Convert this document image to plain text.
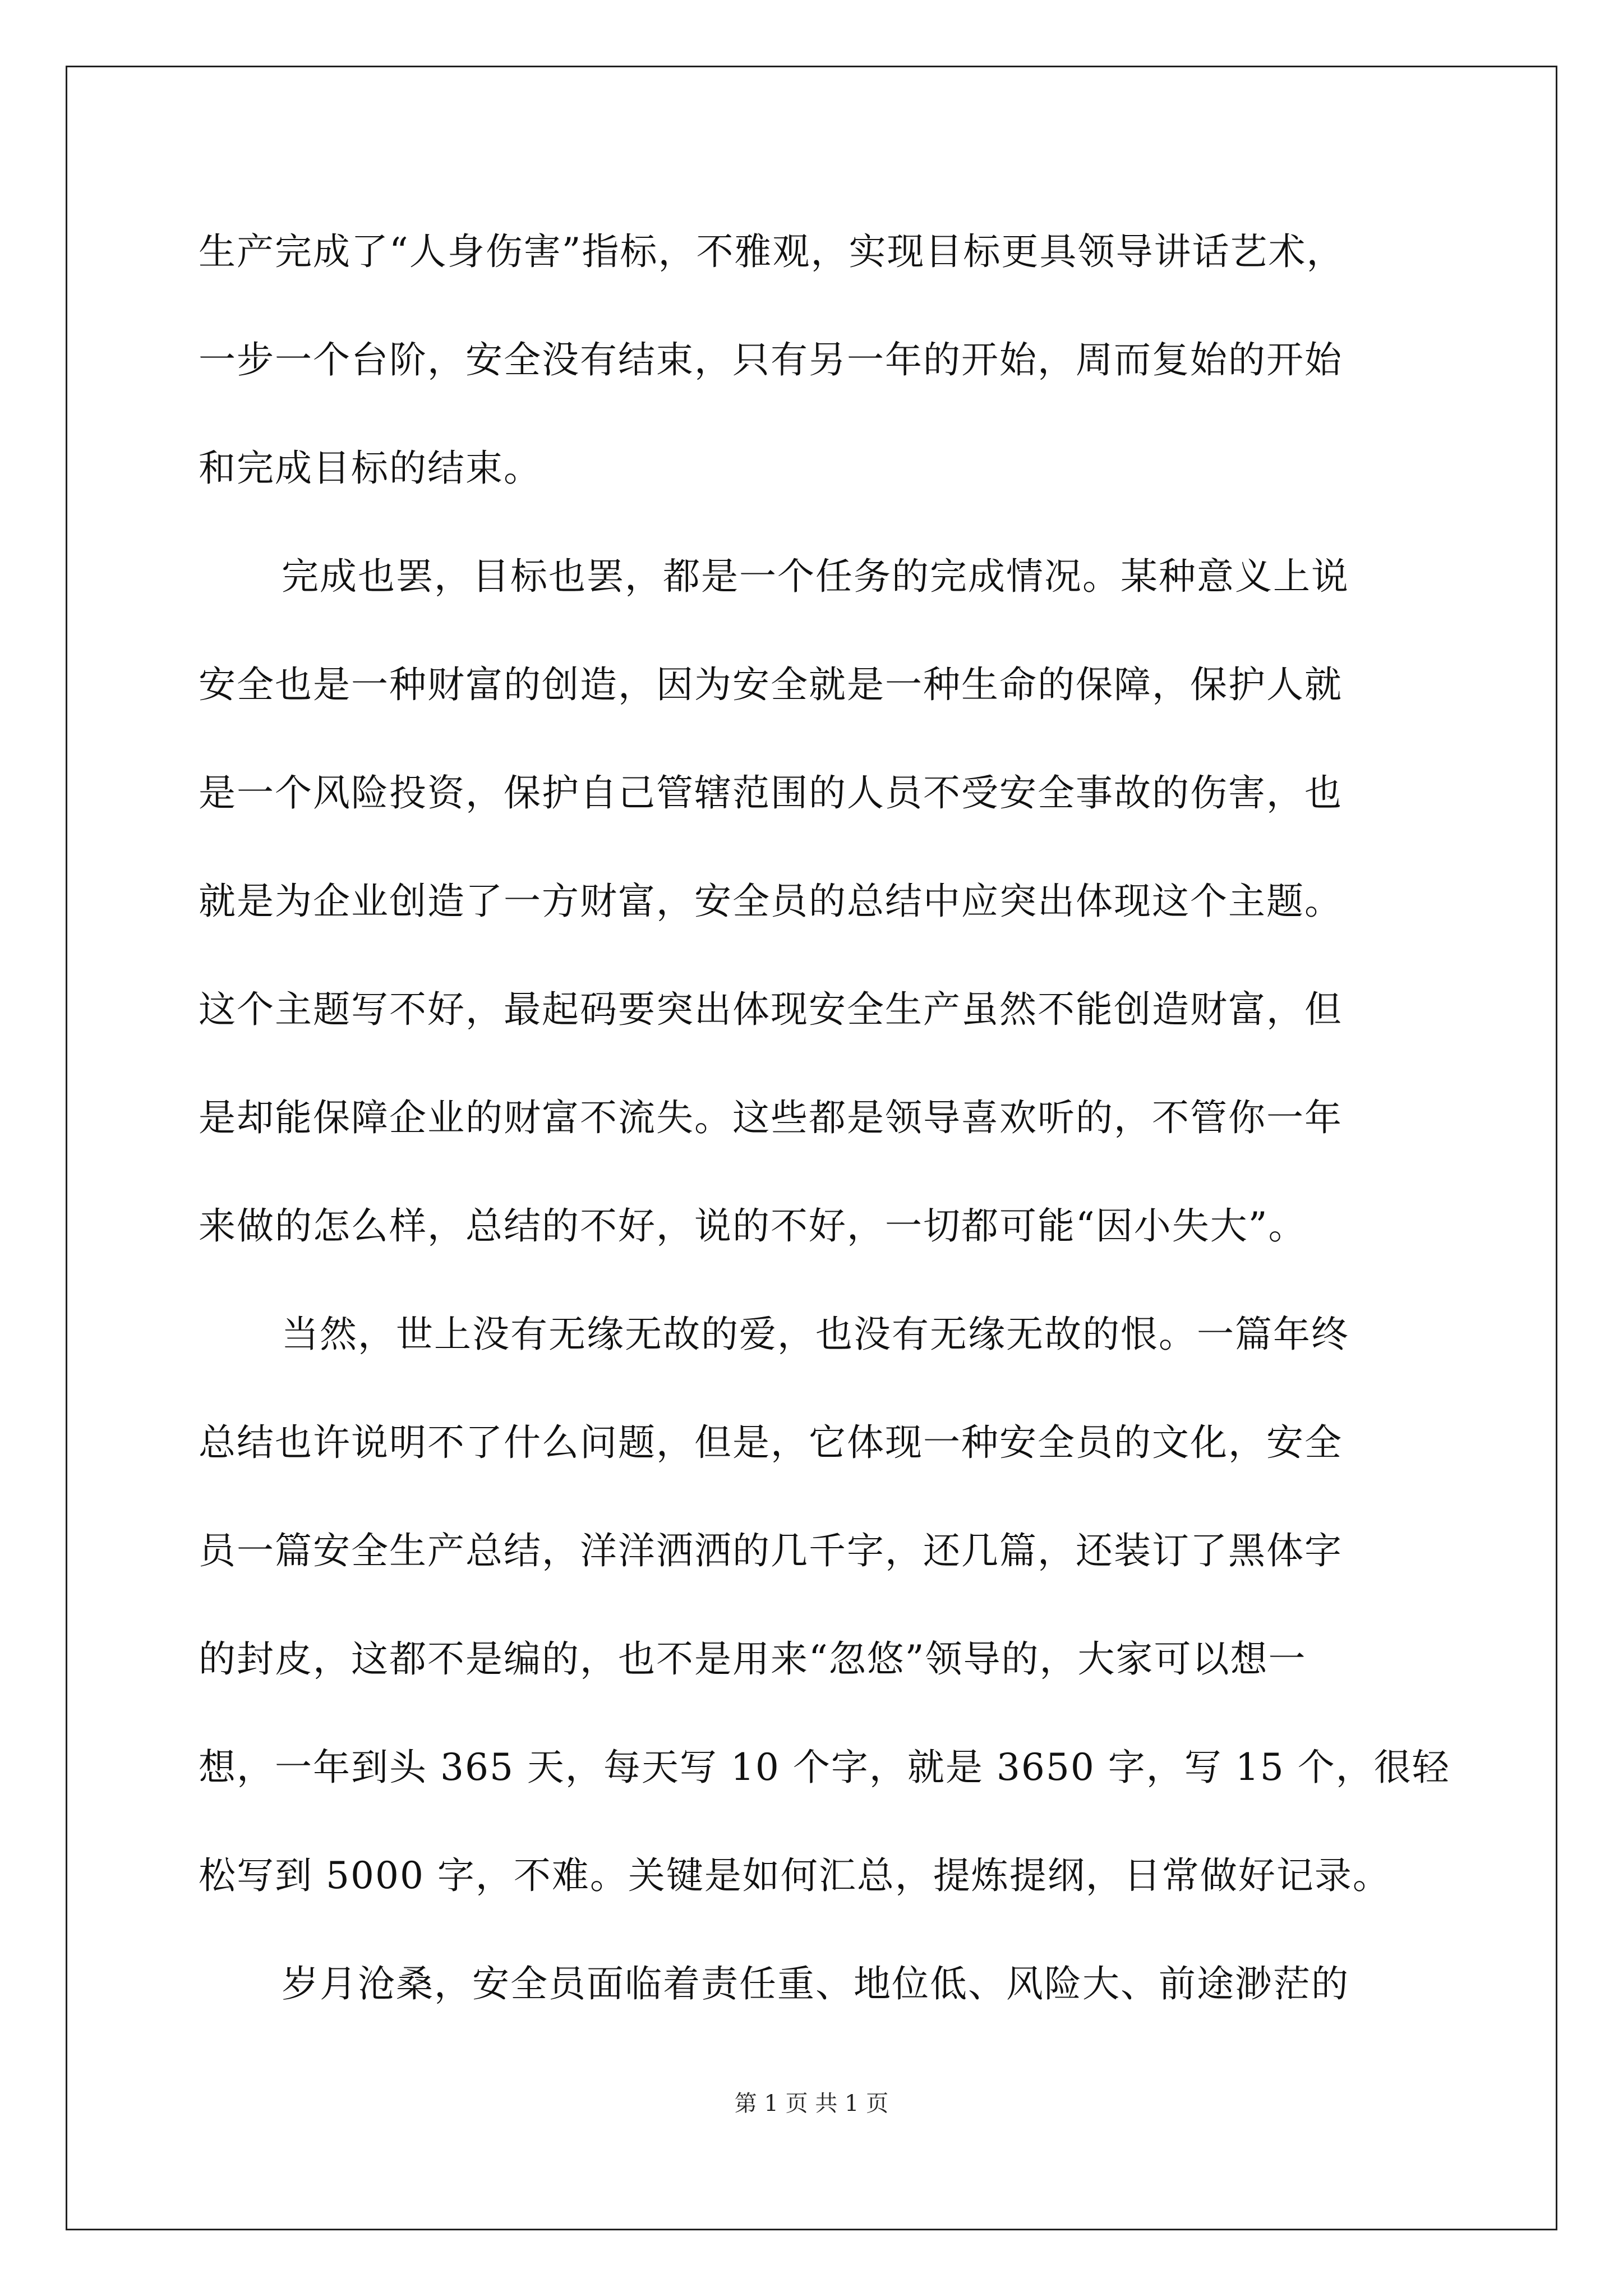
生产完成了“人身伤害”指标，不雅观，实现目标更具领导讲话艺术，
一步一个台阶，安全没有结束，只有另一年的开始，周而复始的开始
和完成目标的结束。
完成也罢，目标也罢，都是一个任务的完成情况。某种意义上说
安全也是一种财富的创造，因为安全就是一种生命的保障，保护人就
是一个风险投资，保护自己管辖范围的人员不受安全事故的伤害，也
就是为企业创造了一方财富，安全员的总结中应突出体现这个主题。
这个主题写不好，最起码要突出体现安全生产虽然不能创造财富，但
是却能保障企业的财富不流失。这些都是领导喜欢听的，不管你一年
来做的怎么样，总结的不好，说的不好，一切都可能“因小失大”。
当然，世上没有无缘无故的爱，也没有无缘无故的恨。一篇年终
总结也许说明不了什么问题，但是，它体现一种安全员的文化，安全
员一篇安全生产总结，洋洋洒洒的几千字，还几篇，还装订了黑体字
的封皮，这都不是编的，也不是用来“忽悠”领导的，大家可以想一
想，一年到头 365 天，每天写 10 个字，就是 3650 字，写 15 个，很轻
松写到 5000 字，不难。关键是如何汇总，提炼提纲，日常做好记录。
岁月沧桑，安全员面临着责任重、地位低、风险大、前途渺茫的
第 1 页 共 1 页
